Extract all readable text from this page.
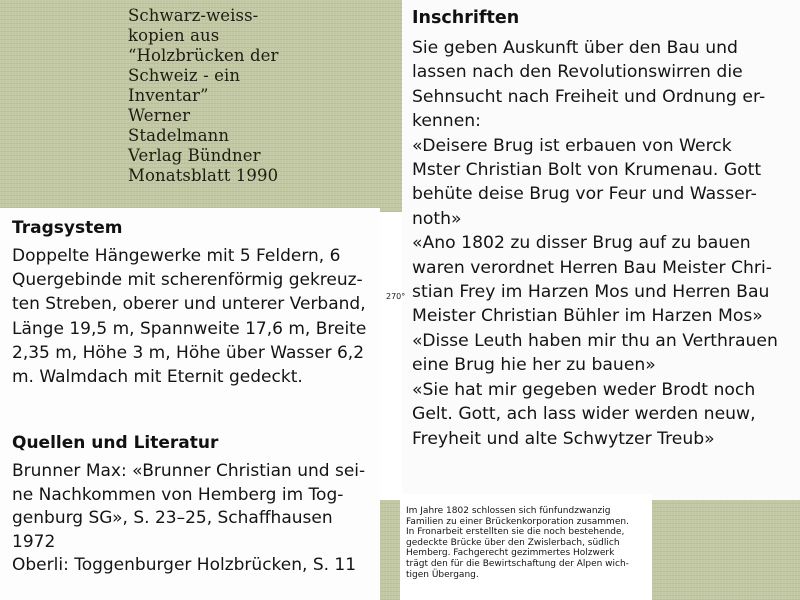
Schwarz-weiss-
kopien aus
“Holzbrücken der
Schweiz - ein
Inventar”
Werner
Stadelmann
Verlag Bündner
Monatsblatt 1990
Inschriften
Sie geben Auskunft über den Bau und
lassen nach den Revolutionswirren die
Sehnsucht nach Freiheit und Ordnung er-
kennen:
«Deisere Brug ist erbauen von Werck
Mster Christian Bolt von Krumenau. Gott
behüte deise Brug vor Feur und Wasser-
noth»
«Ano 1802 zu disser Brug auf zu bauen
waren verordnet Herren Bau Meister Chri-
stian Frey im Harzen Mos und Herren Bau
Meister Christian Bühler im Harzen Mos»
«Disse Leuth haben mir thu an Verthrauen
eine Brug hie her zu bauen»
«Sie hat mir gegeben weder Brodt noch
Gelt. Gott, ach lass wider werden neuw,
Freyheit und alte Schwytzer Treub»
Tragsystem
Doppelte Hängewerke mit 5 Feldern, 6
Quergebinde mit scherenförmig gekreuz-
ten Streben, oberer und unterer Verband,
Länge 19,5 m, Spannweite 17,6 m, Breite
2,35 m, Höhe 3 m, Höhe über Wasser 6,2
m. Walmdach mit Eternit gedeckt.
Quellen und Literatur
Brunner Max: «Brunner Christian und sei-
ne Nachkommen von Hemberg im Tog-
genburg SG», S. 23–25, Schaffhausen
1972
Oberli: Toggenburger Holzbrücken, S. 11
Im Jahre 1802 schlossen sich fünfundzwanzig
Familien zu einer Brückenkorporation zusammen.
In Fronarbeit erstellten sie die noch bestehende,
gedeckte Brücke über den Zwislerbach, südlich
Hemberg. Fachgerecht gezimmertes Holzwerk
trägt den für die Bewirtschaftung der Alpen wich-
tigen Übergang.
270°
